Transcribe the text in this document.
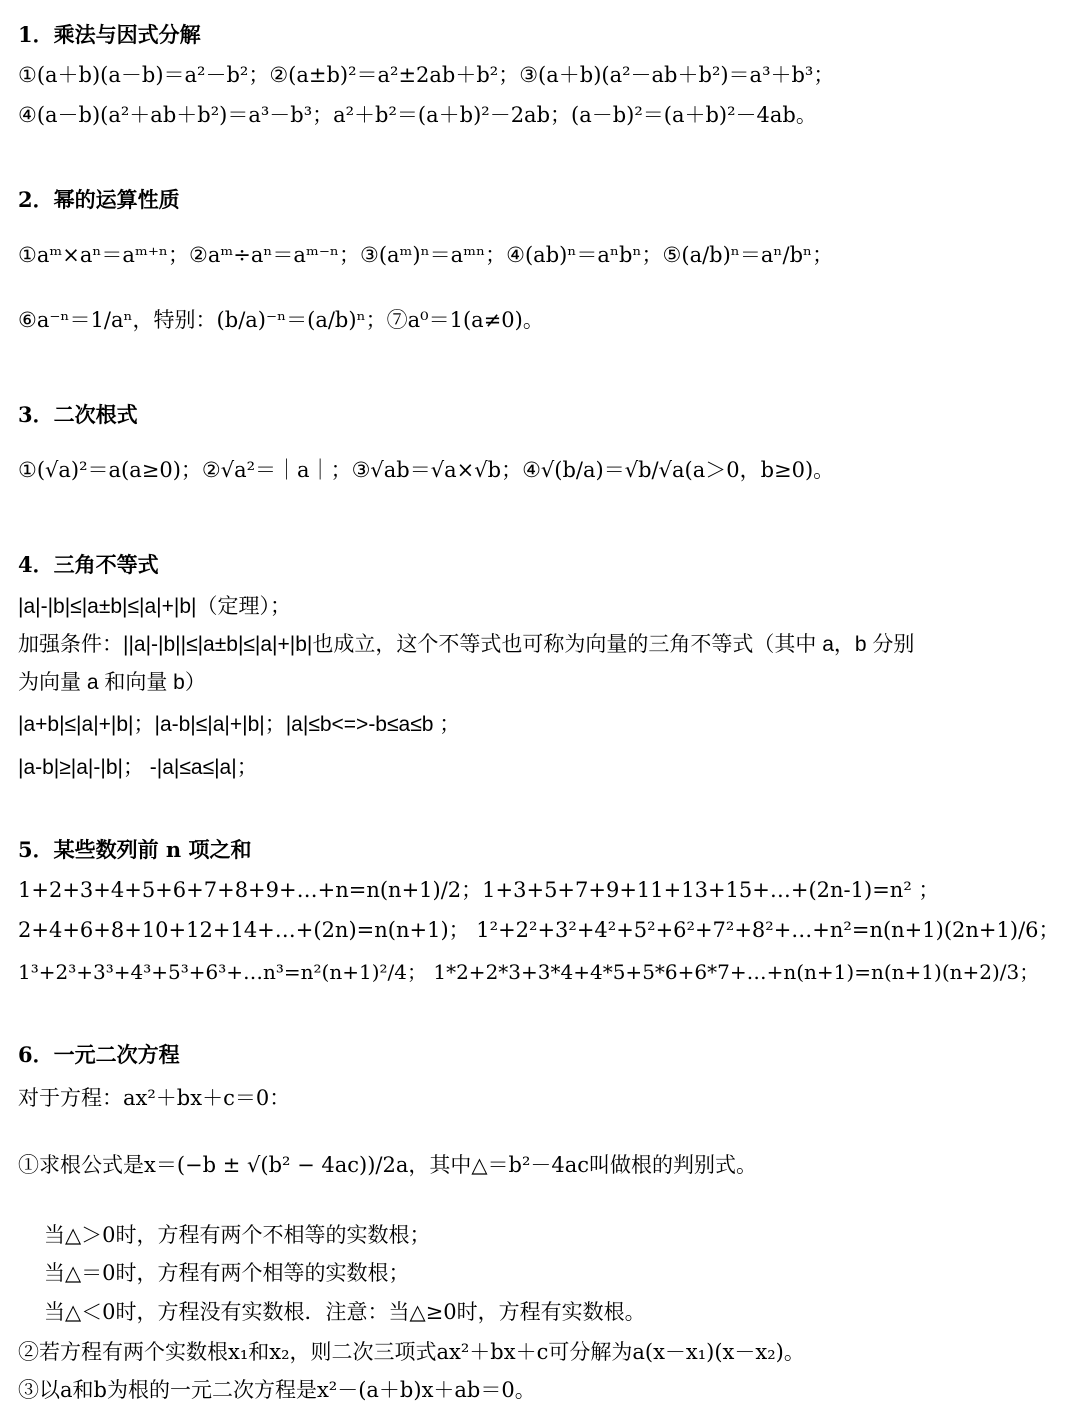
1．乘法与因式分解
①(a＋b)(a－b)＝a²－b²；②(a±b)²＝a²±2ab＋b²；③(a＋b)(a²－ab＋b²)＝a³＋b³；
④(a－b)(a²＋ab＋b²)＝a³－b³；a²＋b²＝(a＋b)²－2ab；(a－b)²＝(a＋b)²－4ab。
2．幂的运算性质
①aᵐ×aⁿ＝aᵐ⁺ⁿ；②aᵐ÷aⁿ＝aᵐ⁻ⁿ；③(aᵐ)ⁿ＝aᵐⁿ；④(ab)ⁿ＝aⁿbⁿ；⑤(a/b)ⁿ＝aⁿ/bⁿ；
⑥a⁻ⁿ＝1/aⁿ，特别：(b/a)⁻ⁿ＝(a/b)ⁿ；⑦a⁰＝1(a≠0)。
3．二次根式
①(√a)²＝a(a≥0)；②√a²＝｜a｜；③√ab＝√a×√b；④√(b/a)＝√b/√a(a＞0，b≥0)。
4．三角不等式
|a|-|b|≤|a±b|≤|a|+|b|（定理）；
加强条件：||a|-|b||≤|a±b|≤|a|+|b|也成立，这个不等式也可称为向量的三角不等式（其中 a，b 分别
为向量 a 和向量 b）
|a+b|≤|a|+|b|；|a-b|≤|a|+|b|；|a|≤b<=>-b≤a≤b ；
|a-b|≥|a|-|b|； -|a|≤a≤|a|；
5．某些数列前 n 项之和
1+2+3+4+5+6+7+8+9+…+n=n(n+1)/2；1+3+5+7+9+11+13+15+…+(2n-1)=n² ；
2+4+6+8+10+12+14+…+(2n)=n(n+1)； 1²+2²+3²+4²+5²+6²+7²+8²+…+n²=n(n+1)(2n+1)/6；
1³+2³+3³+4³+5³+6³+…n³=n²(n+1)²/4； 1*2+2*3+3*4+4*5+5*6+6*7+…+n(n+1)=n(n+1)(n+2)/3；
6．一元二次方程
对于方程：ax²＋bx＋c＝0：
①求根公式是x＝(−b ± √(b² − 4ac))/2a，其中△＝b²－4ac叫做根的判别式。
当△＞0时，方程有两个不相等的实数根；
当△＝0时，方程有两个相等的实数根；
当△＜0时，方程没有实数根．注意：当△≥0时，方程有实数根。
②若方程有两个实数根x₁和x₂，则二次三项式ax²＋bx＋c可分解为a(x－x₁)(x－x₂)。
③以a和b为根的一元二次方程是x²－(a＋b)x＋ab＝0。
